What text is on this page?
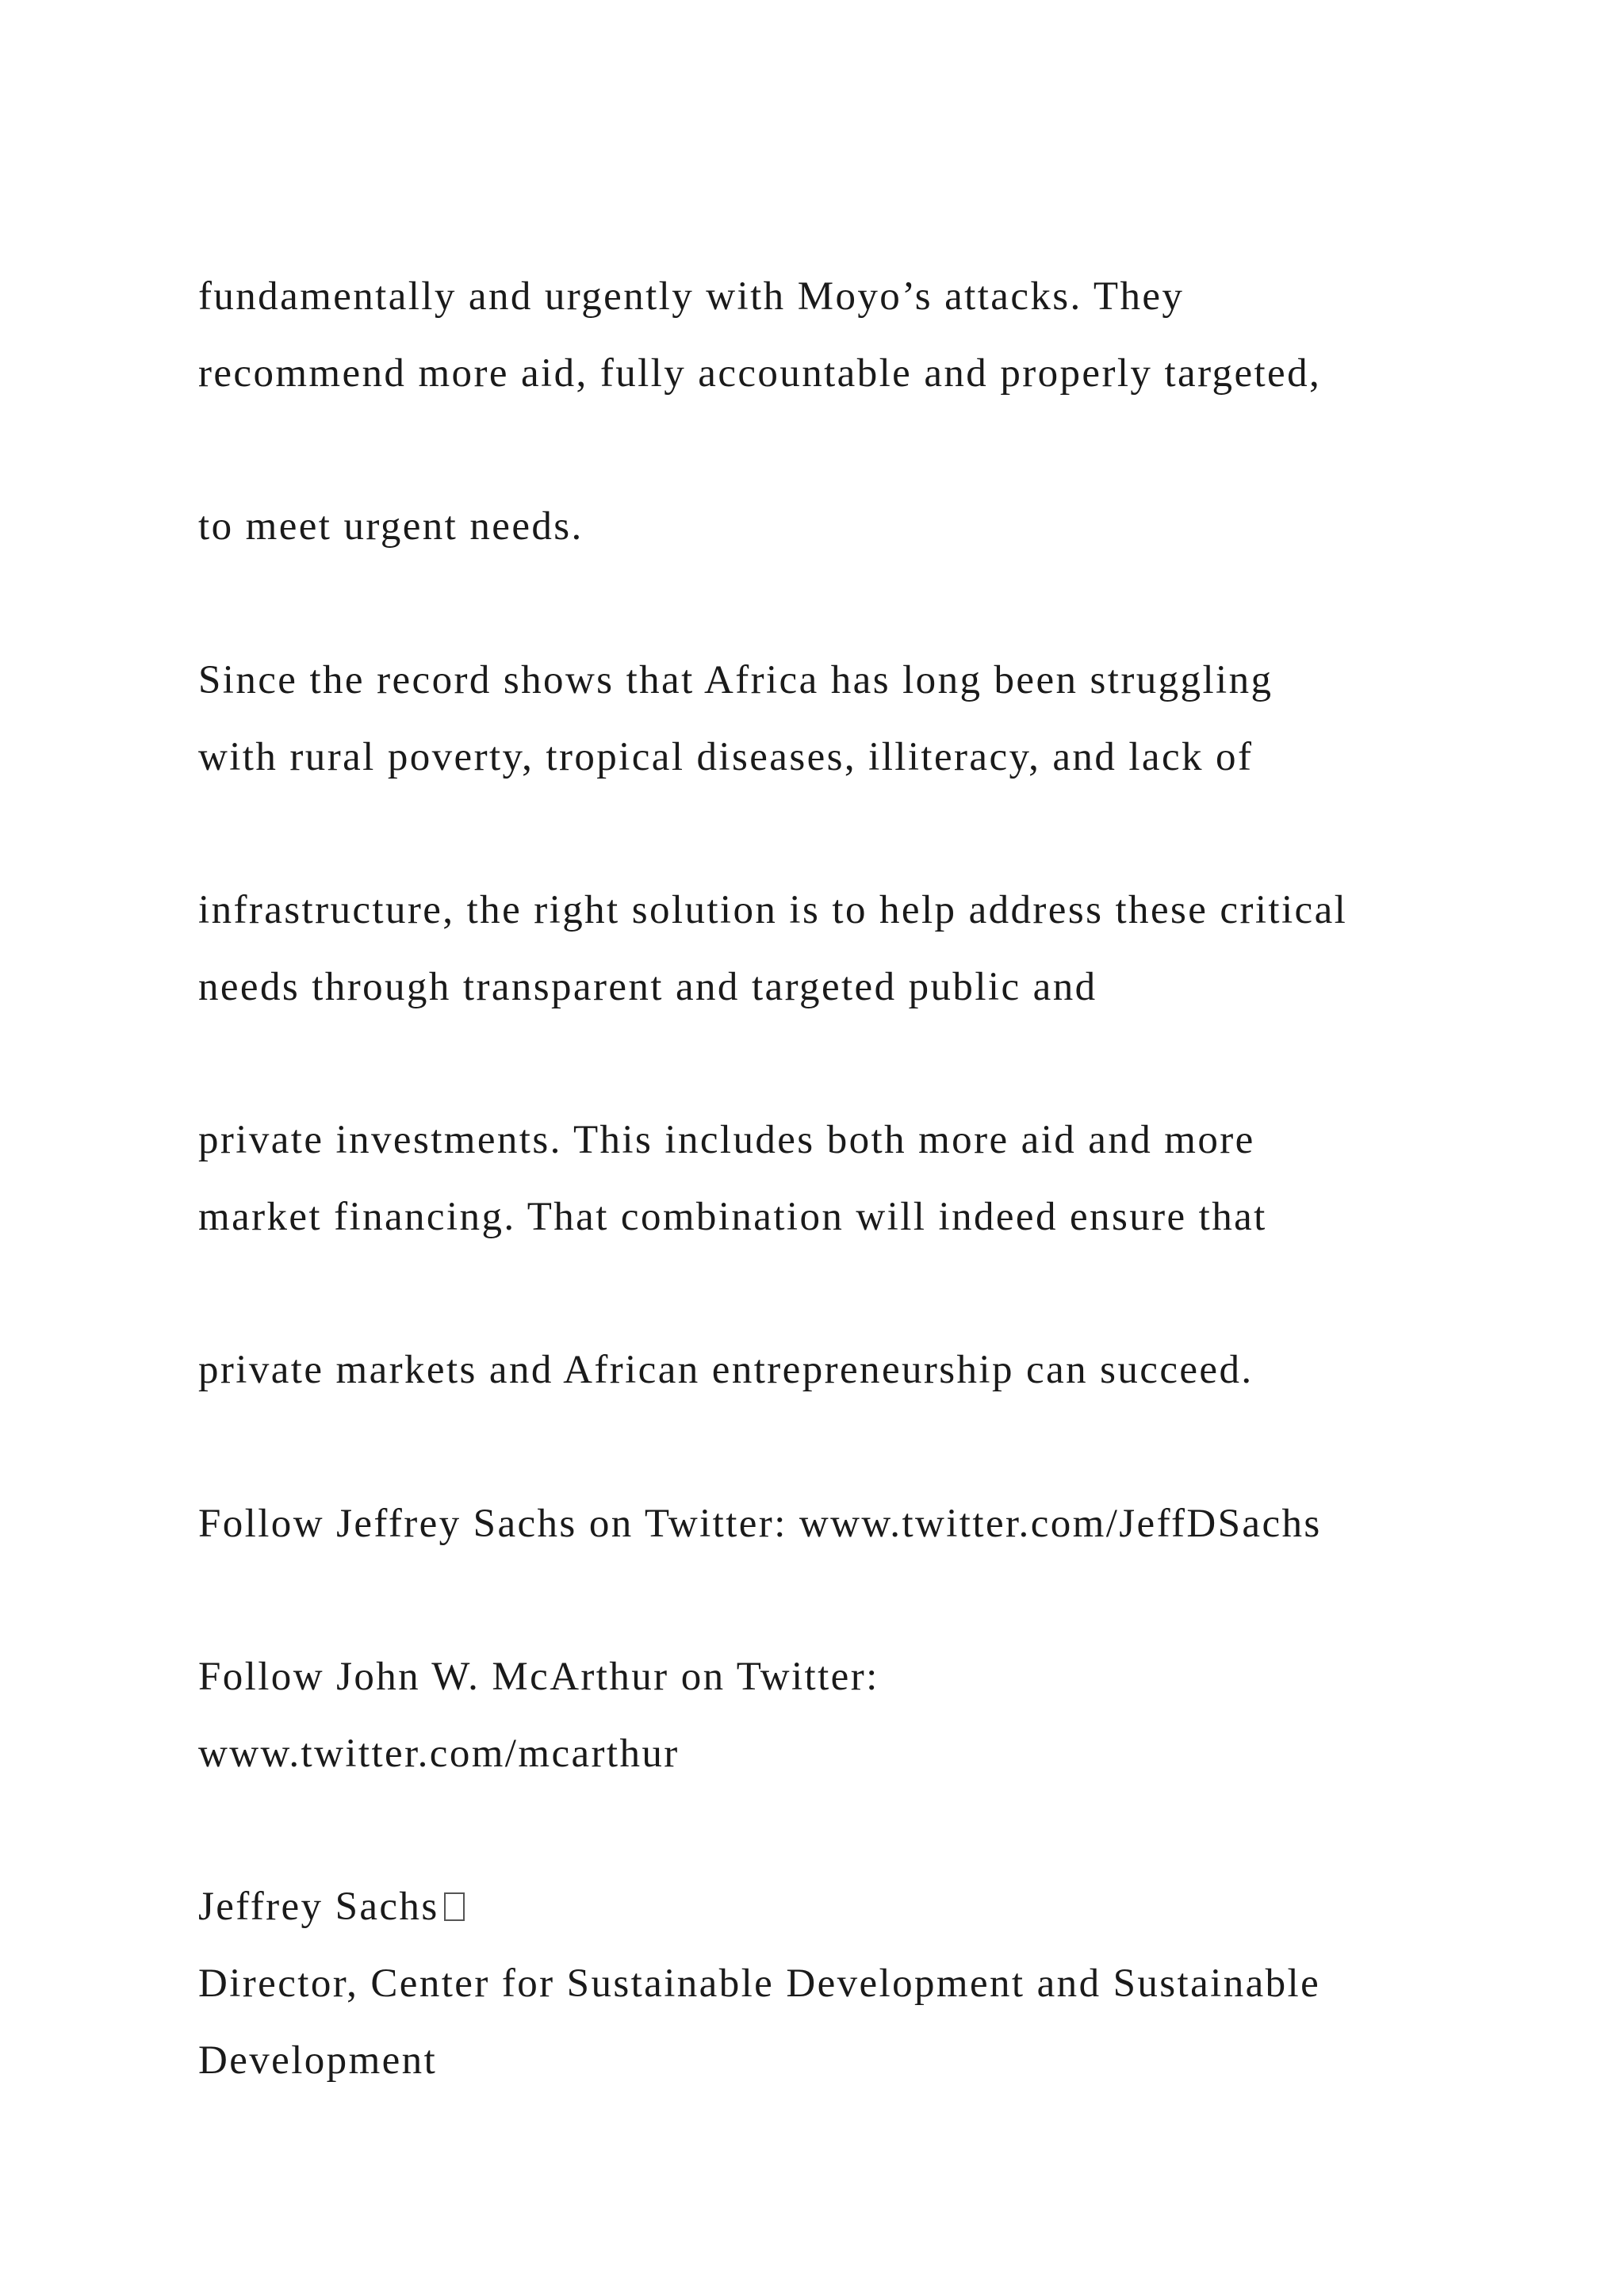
fundamentally and urgently with Moyo’s attacks. They

recommend more aid, fully accountable and properly targeted,

to meet urgent needs.

Since the record shows that Africa has long been struggling

with rural poverty, tropical diseases, illiteracy, and lack of

infrastructure, the right solution is to help address these critical

needs through transparent and targeted public and

private investments. This includes both more aid and more

market financing. That combination will indeed ensure that

private markets and African entrepreneurship can succeed.

Follow Jeffrey Sachs on Twitter: www.twitter.com/JeffDSachs

Follow John W. McArthur on Twitter:

www.twitter.com/mcarthur

Jeffrey Sachs

Director, Center for Sustainable Development and Sustainable

Development
